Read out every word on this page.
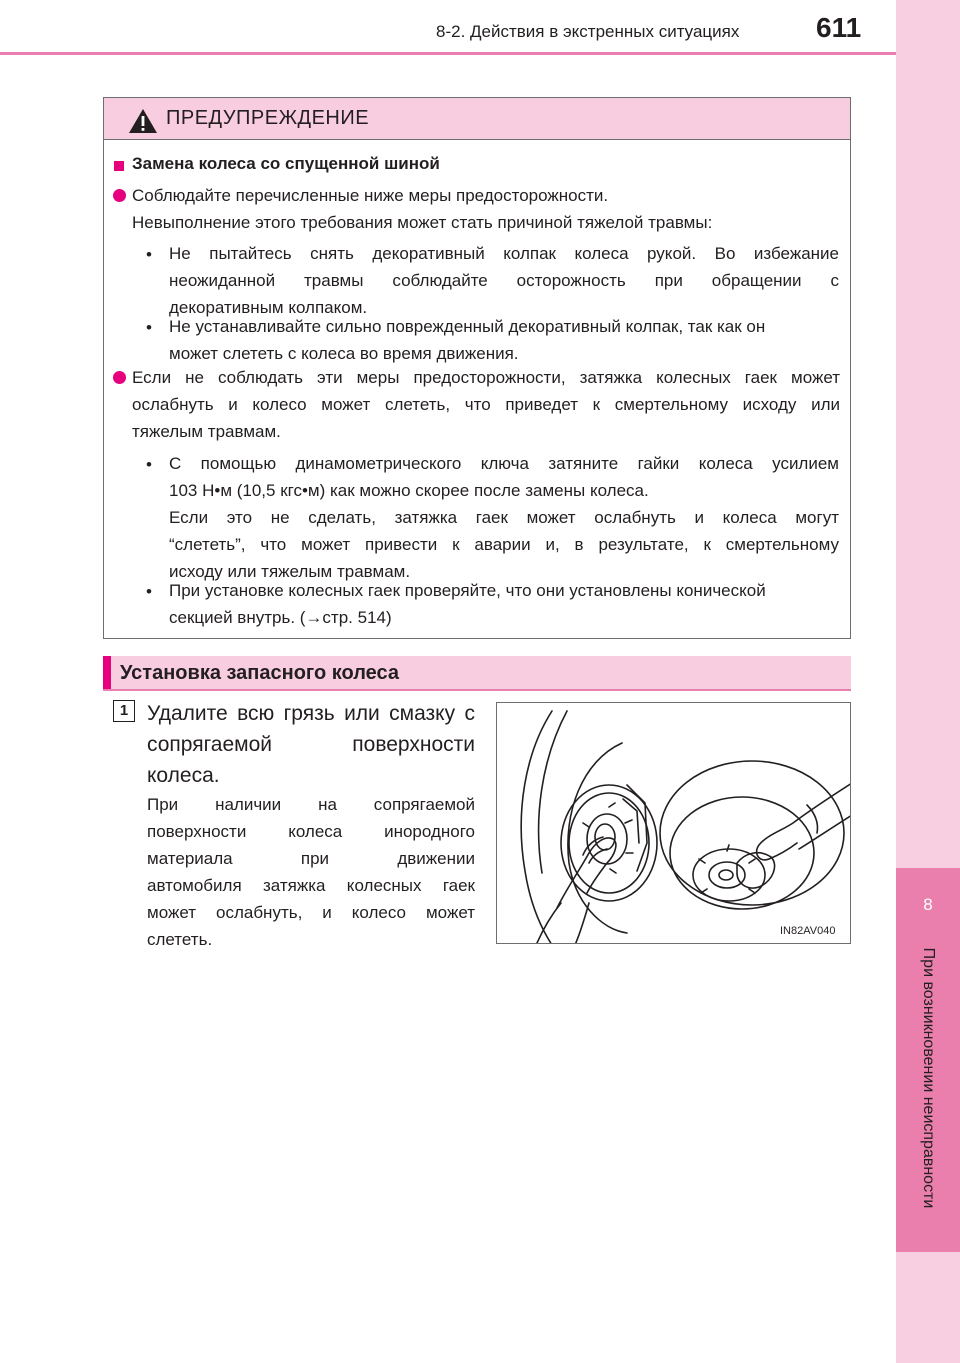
8-2. Действия в экстренных ситуациях	611
8
При возникновении неисправности
ПРЕДУПРЕЖДЕНИЕ
Замена колеса со спущенной шиной
Соблюдайте перечисленные ниже меры предосторожности.
Невыполнение этого требования может стать причиной тяжелой травмы:
• Не пытайтесь снять декоративный колпак колеса рукой. Во избежание
неожиданной травмы соблюдайте осторожность при обращении с
декоративным колпаком.
• Не устанавливайте сильно поврежденный декоративный колпак, так как он
может слететь с колеса во время движения.
Если не соблюдать эти меры предосторожности, затяжка колесных гаек может
ослабнуть и колесо может слететь, что приведет к смертельному исходу или
тяжелым травмам.
• С помощью динамометрического ключа затяните гайки колеса усилием
103 Н•м (10,5 кгс•м) как можно скорее после замены колеса.
Если это не сделать, затяжка гаек может ослабнуть и колеса могут
“слететь”, что может привести к аварии и, в результате, к смертельному
исходу или тяжелым травмам.
• При установке колесных гаек проверяйте, что они установлены конической
секцией внутрь. (→стр. 514)
Установка запасного колеса
1 Удалите всю грязь или смазку с
сопрягаемой поверхности
колеса.
При наличии на сопрягаемой
поверхности колеса инородного
материала при движении
автомобиля затяжка колесных гаек
может ослабнуть, и колесо может
слететь.	IN82AV040
